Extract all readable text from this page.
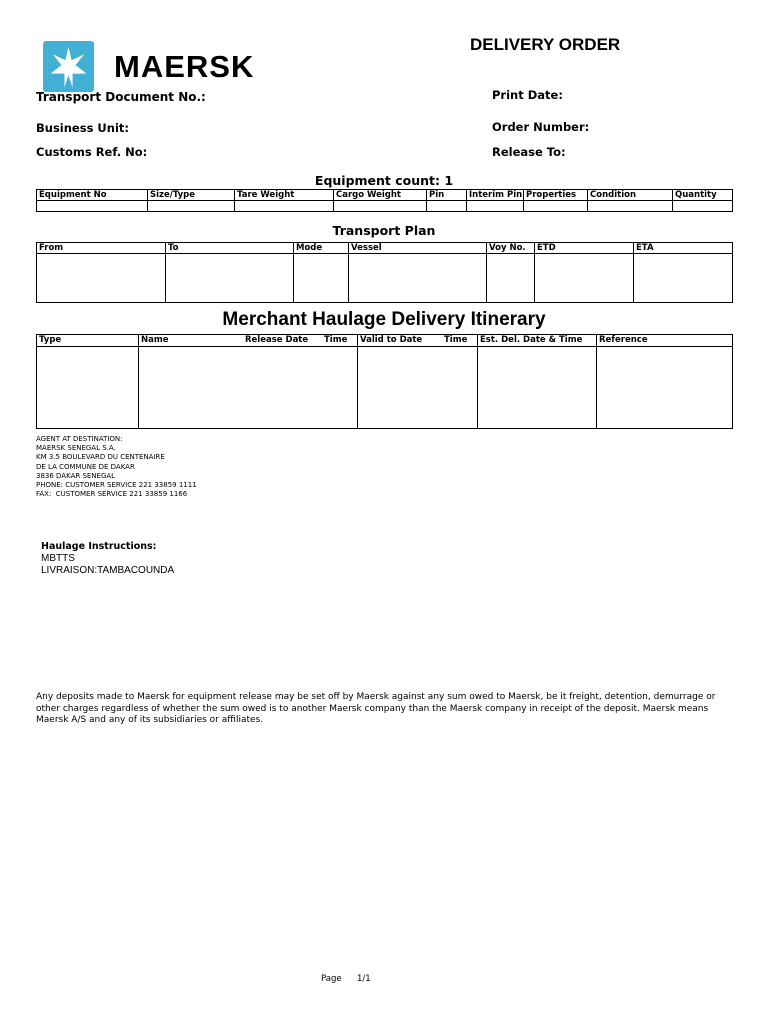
MAERSK
DELIVERY ORDER
Transport Document No.:
Business Unit:
Customs Ref. No:
Print Date:
Order Number:
Release To:
Equipment count: 1
Equipment No	Size/Type	Tare Weight	Cargo Weight	Pin	Interim Pin	Properties	Condition	Quantity

Transport Plan
From	To	Mode	Vessel	Voy No.	ETD	ETA

Merchant Haulage Delivery Itinerary
Type	Name Release Date Time	Valid to Date Time	Est. Del. Date & Time	Reference

AGENT AT DESTINATION:
MAERSK SENEGAL S.A.
KM 3.5 BOULEVARD DU CENTENAIRE
DE LA COMMUNE DE DAKAR
3836 DAKAR SENEGAL
PHONE: CUSTOMER SERVICE 221 33859 1111
FAX:  CUSTOMER SERVICE 221 33859 1166
Haulage Instructions:
MBTTS
LIVRAISON:TAMBACOUNDA
Any deposits made to Maersk for equipment release may be set off by Maersk against any sum owed to Maersk, be it freight, detention, demurrage or other charges regardless of whether the sum owed is to another Maersk company than the Maersk company in receipt of the deposit. Maersk means Maersk A/S and any of its subsidiaries or affiliates.
Page 1/1
